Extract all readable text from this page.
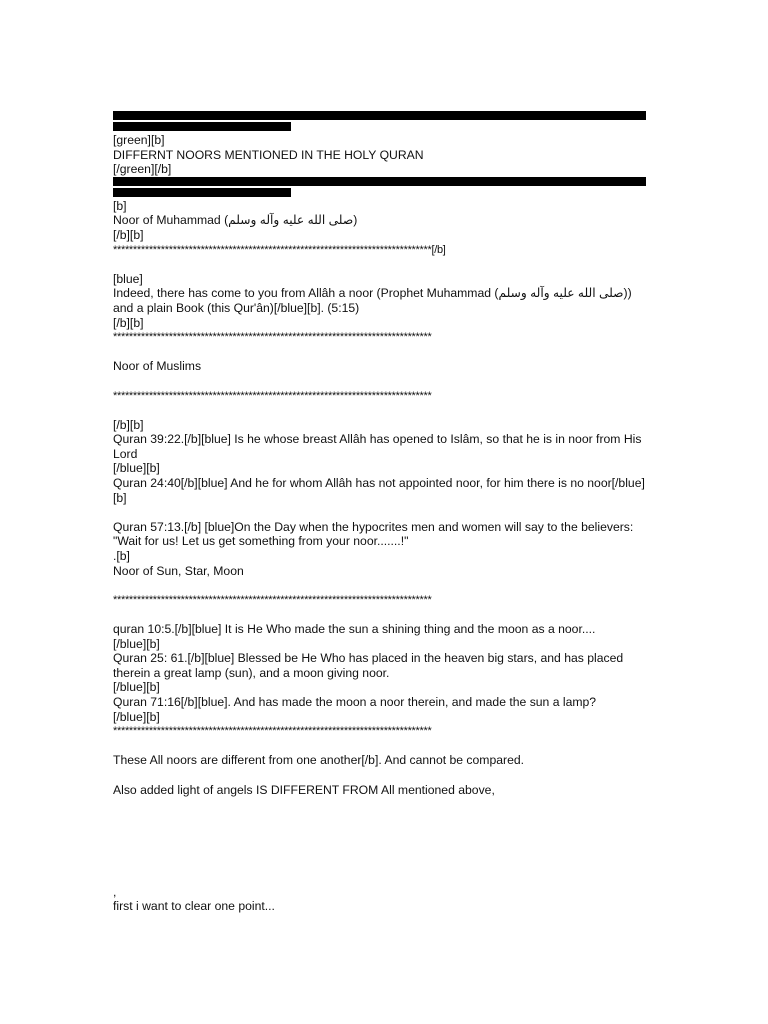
[green][b]
DIFFERNT NOORS MENTIONED IN THE HOLY QURAN
[/green][/b]
[b]
Noor of Muhammad (صلى الله عليه وآله وسلم)
[/b][b]
********************************************************************************[/b]
[blue]
Indeed, there has come to you from Allâh a noor (Prophet Muhammad (صلى الله عليه وآله وسلم)) and a plain Book (this Qur'ân)[/blue][b]. (5:15)
[/b][b]
********************************************************************************
Noor of Muslims
********************************************************************************
[/b][b]
Quran 39:22.[/b][blue] Is he whose breast Allâh has opened to Islâm, so that he is in noor from His Lord
[/blue][b]
Quran 24:40[/b][blue] And he for whom Allâh has not appointed noor, for him there is no noor[/blue][b]
Quran 57:13.[/b] [blue]On the Day when the hypocrites men and women will say to the believers: "Wait for us! Let us get something from your noor.......!"
.[b]
Noor of Sun, Star, Moon
********************************************************************************
quran 10:5.[/b][blue] It is He Who made the sun a shining thing and the moon as a noor....
[/blue][b]
Quran 25: 61.[/b][blue] Blessed be He Who has placed in the heaven big stars, and has placed therein a great lamp (sun), and a moon giving noor.
[/blue][b]
Quran 71:16[/b][blue]. And has made the moon a noor therein, and made the sun a lamp?
[/blue][b]
********************************************************************************
These All noors are different from one another[/b]. And cannot be compared.
Also added light of angels IS DIFFERENT FROM All mentioned above,
,
first i want to clear one point...
